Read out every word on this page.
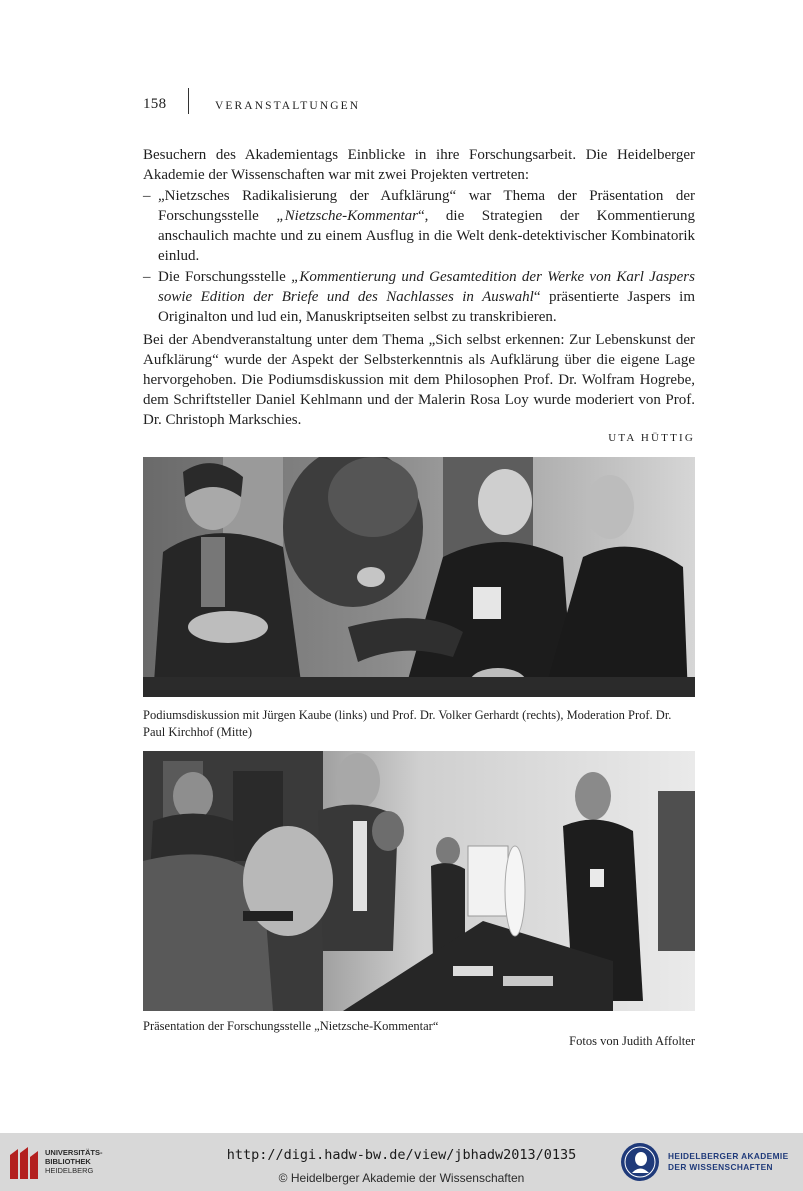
158	VERANSTALTUNGEN

Besuchern des Akademientags Einblicke in ihre Forschungsarbeit. Die Heidelberger Akademie der Wissenschaften war mit zwei Projekten vertreten:

– „Nietzsches Radikalisierung der Aufklärung“ war Thema der Präsentation der Forschungsstelle „Nietzsche-Kommentar“, die Strategien der Kommentierung anschaulich machte und zu einem Ausflug in die Welt denk-detektivischer Kombinatorik einlud.
– Die Forschungsstelle „Kommentierung und Gesamtedition der Werke von Karl Jaspers sowie Edition der Briefe und des Nachlasses in Auswahl“ präsentierte Jaspers im Originalton und lud ein, Manuskriptseiten selbst zu transkribieren.

Bei der Abendveranstaltung unter dem Thema „Sich selbst erkennen: Zur Lebenskunst der Aufklärung“ wurde der Aspekt der Selbsterkenntnis als Aufklärung über die eigene Lage hervorgehoben. Die Podiumsdiskussion mit dem Philosophen Prof. Dr. Wolfram Hogrebe, dem Schriftsteller Daniel Kehlmann und der Malerin Rosa Loy wurde moderiert von Prof. Dr. Christoph Markschies.

UTA HÜTTIG
Podiumsdiskussion mit Jürgen Kaube (links) und Prof. Dr. Volker Gerhardt (rechts), Moderation Prof. Dr. Paul Kirchhof (Mitte)
Präsentation der Forschungsstelle „Nietzsche-Kommentar“
Fotos von Judith Affolter
UNIVERSITÄTS-
BIBLIOTHEK
HEIDELBERG
http://digi.hadw-bw.de/view/jbhadw2013/0135
© Heidelberger Akademie der Wissenschaften
HEIDELBERGER AKADEMIE
DER WISSENSCHAFTEN
